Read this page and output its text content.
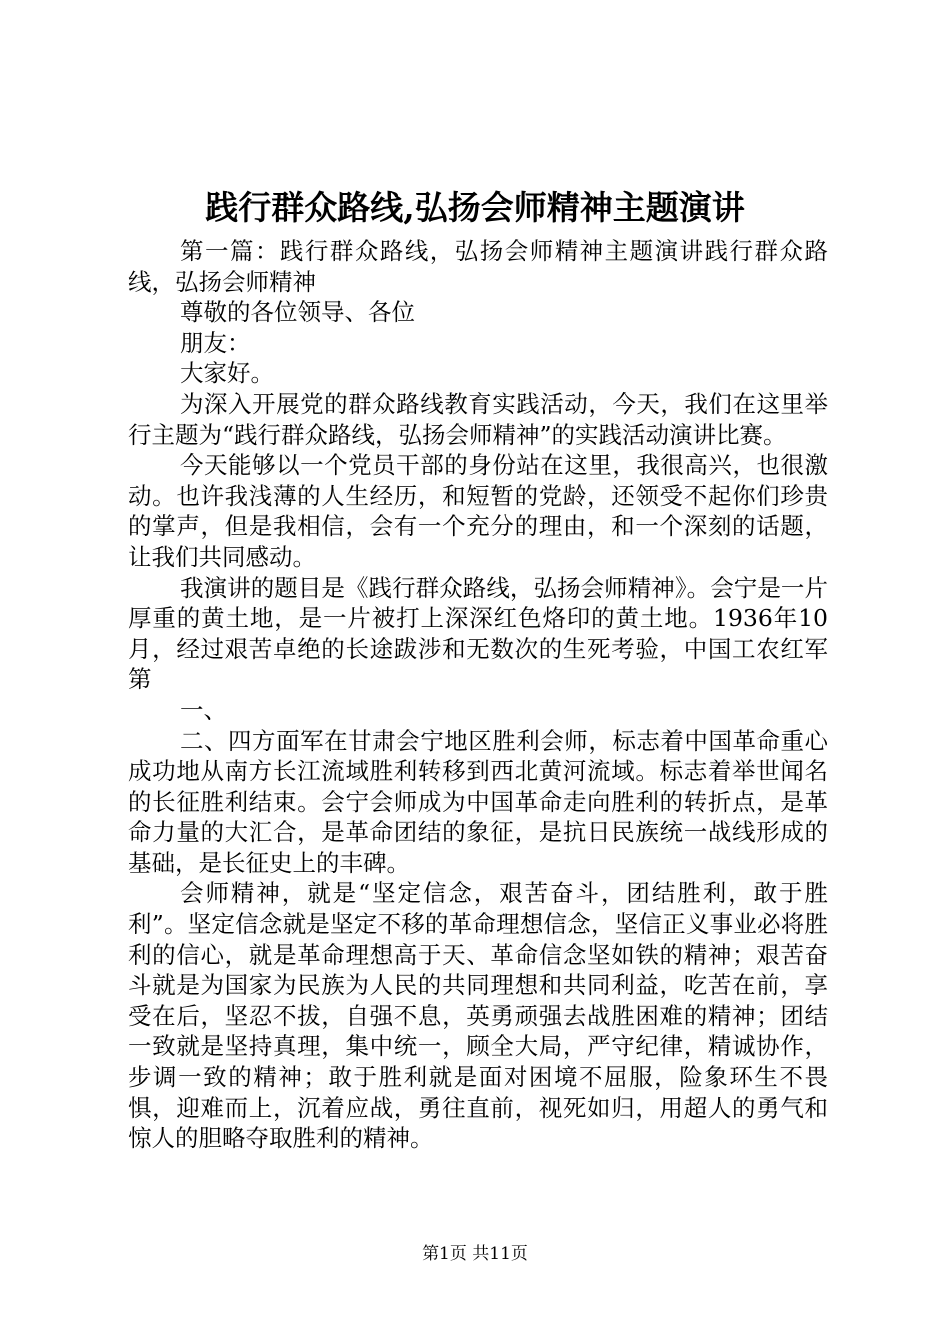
践行群众路线,弘扬会师精神主题演讲

第一篇：践行群众路线，弘扬会师精神主题演讲践行群众路线，弘扬会师精神

尊敬的各位领导、各位

朋友：

大家好。

为深入开展党的群众路线教育实践活动，今天，我们在这里举行主题为“践行群众路线，弘扬会师精神”的实践活动演讲比赛。

今天能够以一个党员干部的身份站在这里，我很高兴，也很激动。也许我浅薄的人生经历，和短暂的党龄，还领受不起你们珍贵的掌声，但是我相信，会有一个充分的理由，和一个深刻的话题，让我们共同感动。

我演讲的题目是《践行群众路线，弘扬会师精神》。会宁是一片厚重的黄土地，是一片被打上深深红色烙印的黄土地。1936年10月，经过艰苦卓绝的长途跋涉和无数次的生死考验，中国工农红军第

一、

二、四方面军在甘肃会宁地区胜利会师，标志着中国革命重心成功地从南方长江流域胜利转移到西北黄河流域。标志着举世闻名的长征胜利结束。会宁会师成为中国革命走向胜利的转折点，是革命力量的大汇合，是革命团结的象征，是抗日民族统一战线形成的基础，是长征史上的丰碑。

会师精神，就是“坚定信念，艰苦奋斗，团结胜利，敢于胜利”。坚定信念就是坚定不移的革命理想信念，坚信正义事业必将胜利的信心，就是革命理想高于天、革命信念坚如铁的精神；艰苦奋斗就是为国家为民族为人民的共同理想和共同利益，吃苦在前，享受在后，坚忍不拔，自强不息，英勇顽强去战胜困难的精神；团结一致就是坚持真理，集中统一，顾全大局，严守纪律，精诚协作，步调一致的精神；敢于胜利就是面对困境不屈服，险象环生不畏惧，迎难而上，沉着应战，勇往直前，视死如归，用超人的勇气和惊人的胆略夺取胜利的精神。

第1页 共11页
